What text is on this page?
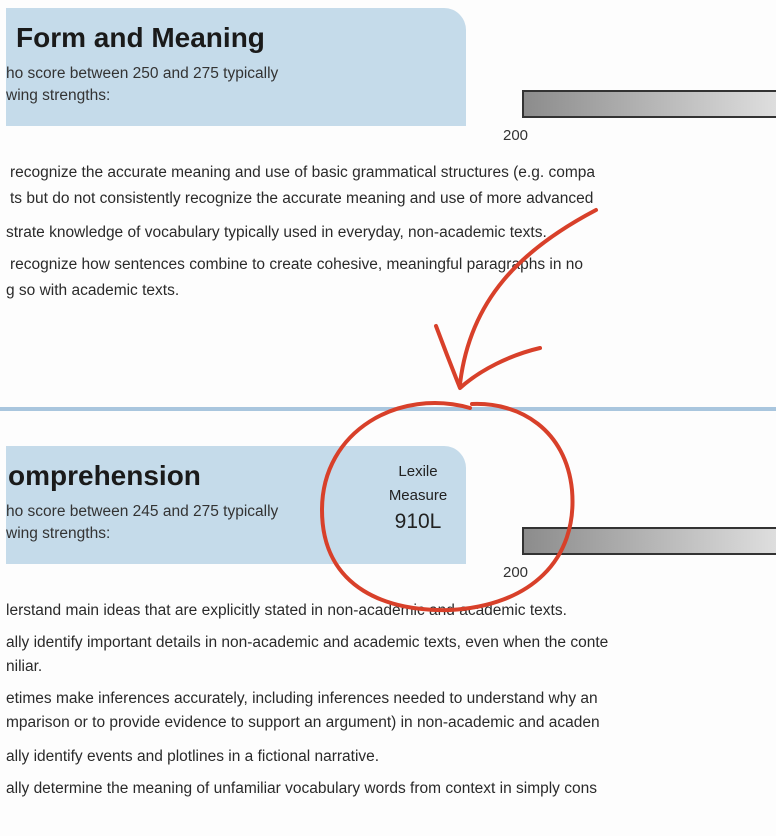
Form and Meaning
ho score between 250 and 275 typically
wing strengths:
200
recognize the accurate meaning and use of basic grammatical structures (e.g. compa
ts but do not consistently recognize the accurate meaning and use of more advanced
strate knowledge of vocabulary typically used in everyday, non-academic texts.
recognize how sentences combine to create cohesive, meaningful paragraphs in no
g so with academic texts.
omprehension
ho score between 245 and 275 typically
wing strengths:
Lexile
Measure
910L
200
lerstand main ideas that are explicitly stated in non-academic and academic texts.
ally identify important details in non-academic and academic texts, even when the conte
niliar.
etimes make inferences accurately, including inferences needed to understand why an
mparison or to provide evidence to support an argument) in non-academic and acaden
ally identify events and plotlines in a fictional narrative.
ally determine the meaning of unfamiliar vocabulary words from context in simply cons
